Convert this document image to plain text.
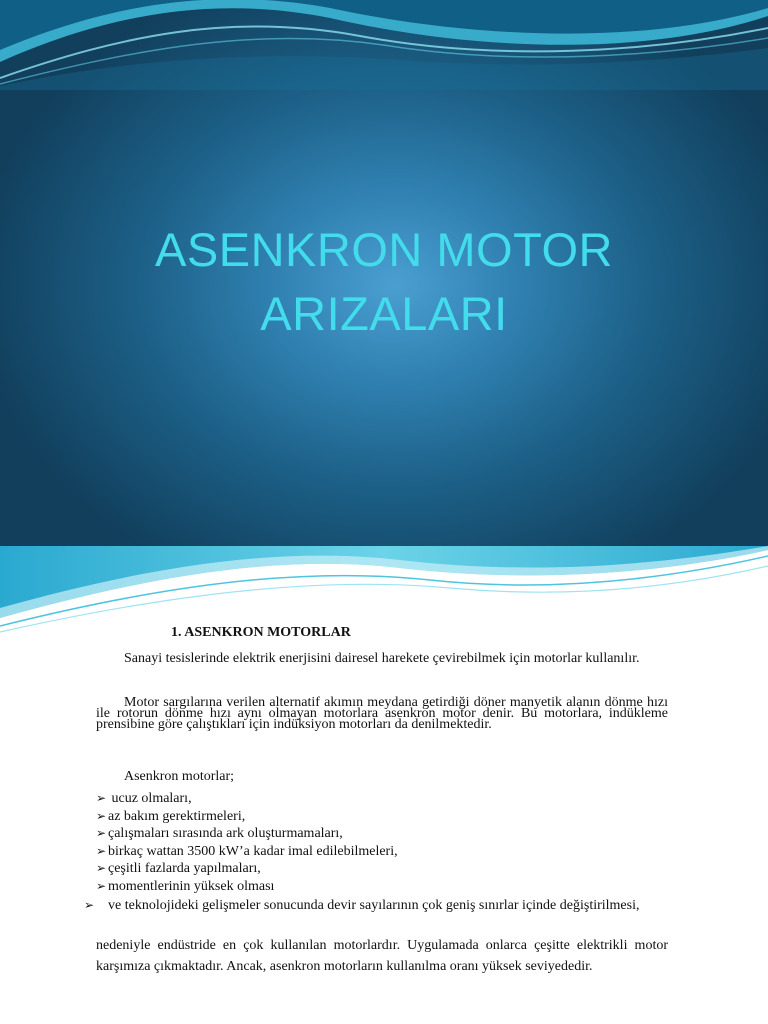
ASENKRON MOTOR
ARIZALARI
1. ASENKRON MOTORLAR
Sanayi tesislerinde elektrik enerjisini dairesel harekete çevirebilmek için motorlar kullanılır.
Motor sargılarına verilen alternatif akımın meydana getirdiği döner manyetik alanın dönme hızı ile rotorun dönme hızı aynı olmayan motorlara asenkron motor denir. Bu motorlara, indükleme prensibine göre çalıştıkları için indüksiyon motorları da denilmektedir.
Asenkron motorlar;
➢ ucuz olmaları,
➢ az bakım gerektirmeleri,
➢ çalışmaları sırasında ark oluşturmamaları,
➢ birkaç wattan 3500 kW’a kadar imal edilebilmeleri,
➢ çeşitli fazlarda yapılmaları,
➢ momentlerinin yüksek olması
➢ ve teknolojideki gelişmeler sonucunda devir sayılarının çok geniş sınırlar içinde değiştirilmesi,
nedeniyle endüstride en çok kullanılan motorlardır. Uygulamada onlarca çeşitte elektrikli motor karşımıza çıkmaktadır. Ancak, asenkron motorların kullanılma oranı yüksek seviyededir.
